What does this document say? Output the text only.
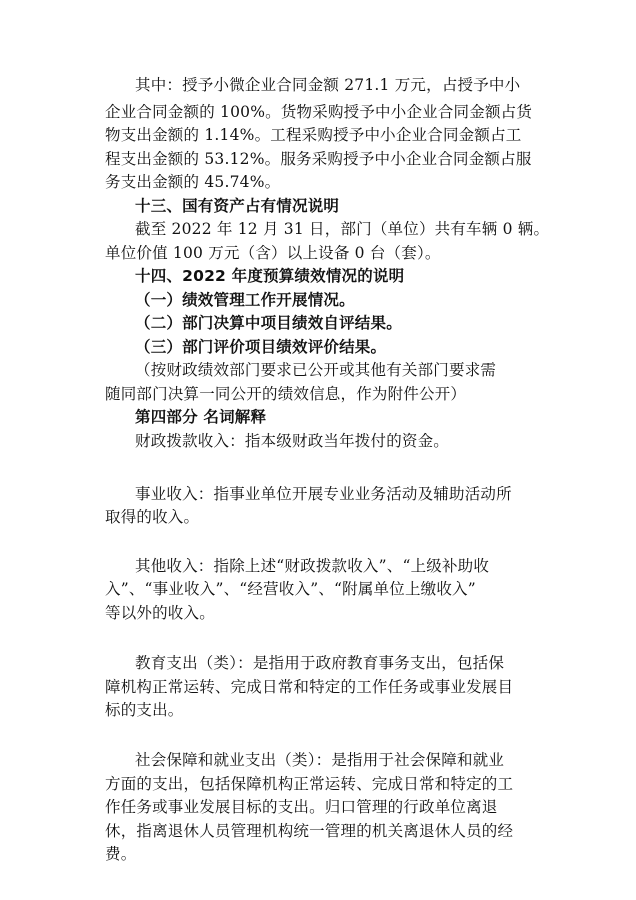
其中：授予小微企业合同金额 271.1 万元，占授予中小
企业合同金额的 100%。货物采购授予中小企业合同金额占货
物支出金额的 1.14%。工程采购授予中小企业合同金额占工
程支出金额的 53.12%。服务采购授予中小企业合同金额占服
务支出金额的 45.74%。
十三、国有资产占有情况说明
截至 2022 年 12 月 31 日，部门（单位）共有车辆 0 辆。
单位价值 100 万元（含）以上设备 0 台（套）。
十四、2022 年度预算绩效情况的说明
（一）绩效管理工作开展情况。
（二）部门决算中项目绩效自评结果。
（三）部门评价项目绩效评价结果。
（按财政绩效部门要求已公开或其他有关部门要求需
随同部门决算一同公开的绩效信息，作为附件公开）
第四部分 名词解释
财政拨款收入：指本级财政当年拨付的资金。
事业收入：指事业单位开展专业业务活动及辅助活动所
取得的收入。
其他收入：指除上述“财政拨款收入”、“上级补助收
入”、“事业收入”、“经营收入”、“附属单位上缴收入”
等以外的收入。
教育支出（类）：是指用于政府教育事务支出，包括保
障机构正常运转、完成日常和特定的工作任务或事业发展目
标的支出。
社会保障和就业支出（类）：是指用于社会保障和就业
方面的支出，包括保障机构正常运转、完成日常和特定的工
作任务或事业发展目标的支出。归口管理的行政单位离退
休，指离退休人员管理机构统一管理的机关离退休人员的经
费。
